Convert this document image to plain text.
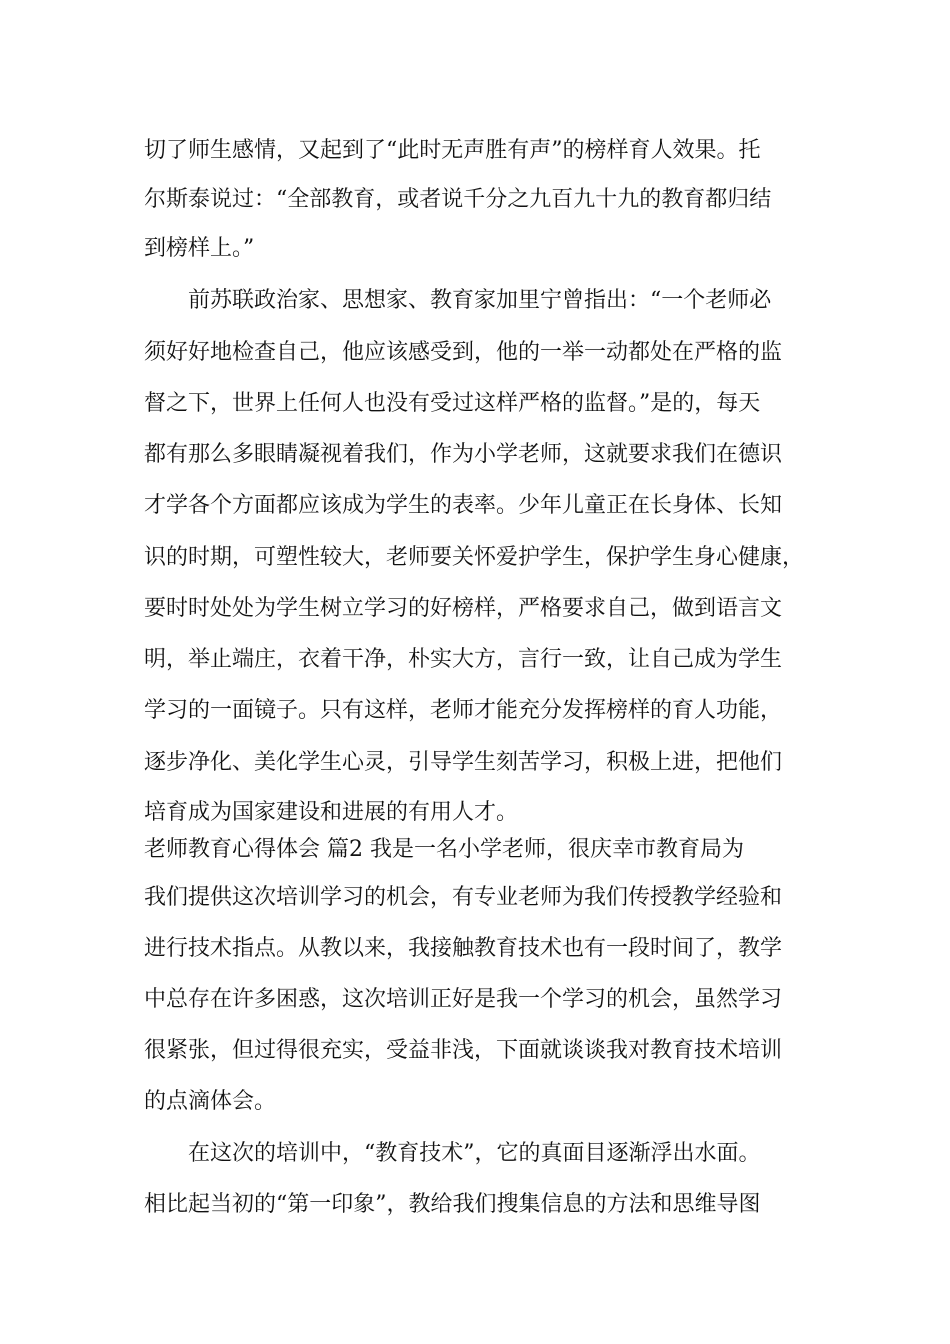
切了师生感情，又起到了“此时无声胜有声”的榜样育人效果。托
尔斯泰说过：“全部教育，或者说千分之九百九十九的教育都归结
到榜样上。”
前苏联政治家、思想家、教育家加里宁曾指出：“一个老师必
须好好地检查自己，他应该感受到，他的一举一动都处在严格的监
督之下，世界上任何人也没有受过这样严格的监督。”是的，每天
都有那么多眼睛凝视着我们，作为小学老师，这就要求我们在德识
才学各个方面都应该成为学生的表率。少年儿童正在长身体、长知
识的时期，可塑性较大，老师要关怀爱护学生，保护学生身心健康，
要时时处处为学生树立学习的好榜样，严格要求自己，做到语言文
明，举止端庄，衣着干净，朴实大方，言行一致，让自己成为学生
学习的一面镜子。只有这样，老师才能充分发挥榜样的育人功能，
逐步净化、美化学生心灵，引导学生刻苦学习，积极上进，把他们
培育成为国家建设和进展的有用人才。
老师教育心得体会 篇2 我是一名小学老师，很庆幸市教育局为
我们提供这次培训学习的机会，有专业老师为我们传授教学经验和
进行技术指点。从教以来，我接触教育技术也有一段时间了，教学
中总存在许多困惑，这次培训正好是我一个学习的机会，虽然学习
很紧张，但过得很充实，受益非浅，下面就谈谈我对教育技术培训
的点滴体会。
在这次的培训中，“教育技术”，它的真面目逐渐浮出水面。
相比起当初的“第一印象”，教给我们搜集信息的方法和思维导图
